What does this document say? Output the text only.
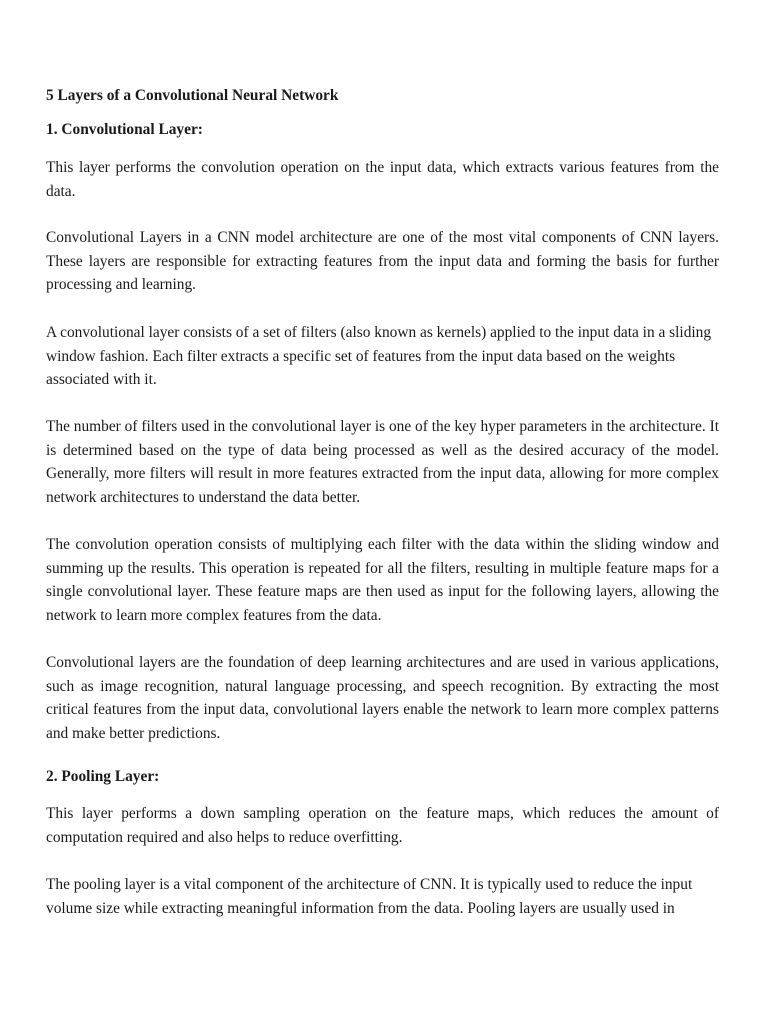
5 Layers of a Convolutional Neural Network
1. Convolutional Layer:

This layer performs the convolution operation on the input data, which extracts various features from the data.

Convolutional Layers in a CNN model architecture are one of the most vital components of CNN layers. These layers are responsible for extracting features from the input data and forming the basis for further processing and learning.

A convolutional layer consists of a set of filters (also known as kernels) applied to the input data in a sliding window fashion. Each filter extracts a specific set of features from the input data based on the weights associated with it.

The number of filters used in the convolutional layer is one of the key hyper parameters in the architecture. It is determined based on the type of data being processed as well as the desired accuracy of the model. Generally, more filters will result in more features extracted from the input data, allowing for more complex network architectures to understand the data better.

The convolution operation consists of multiplying each filter with the data within the sliding window and summing up the results. This operation is repeated for all the filters, resulting in multiple feature maps for a single convolutional layer. These feature maps are then used as input for the following layers, allowing the network to learn more complex features from the data.

Convolutional layers are the foundation of deep learning architectures and are used in various applications, such as image recognition, natural language processing, and speech recognition. By extracting the most critical features from the input data, convolutional layers enable the network to learn more complex patterns and make better predictions.

2. Pooling Layer:

This layer performs a down sampling operation on the feature maps, which reduces the amount of computation required and also helps to reduce overfitting.

The pooling layer is a vital component of the architecture of CNN. It is typically used to reduce the input volume size while extracting meaningful information from the data. Pooling layers are usually used in
